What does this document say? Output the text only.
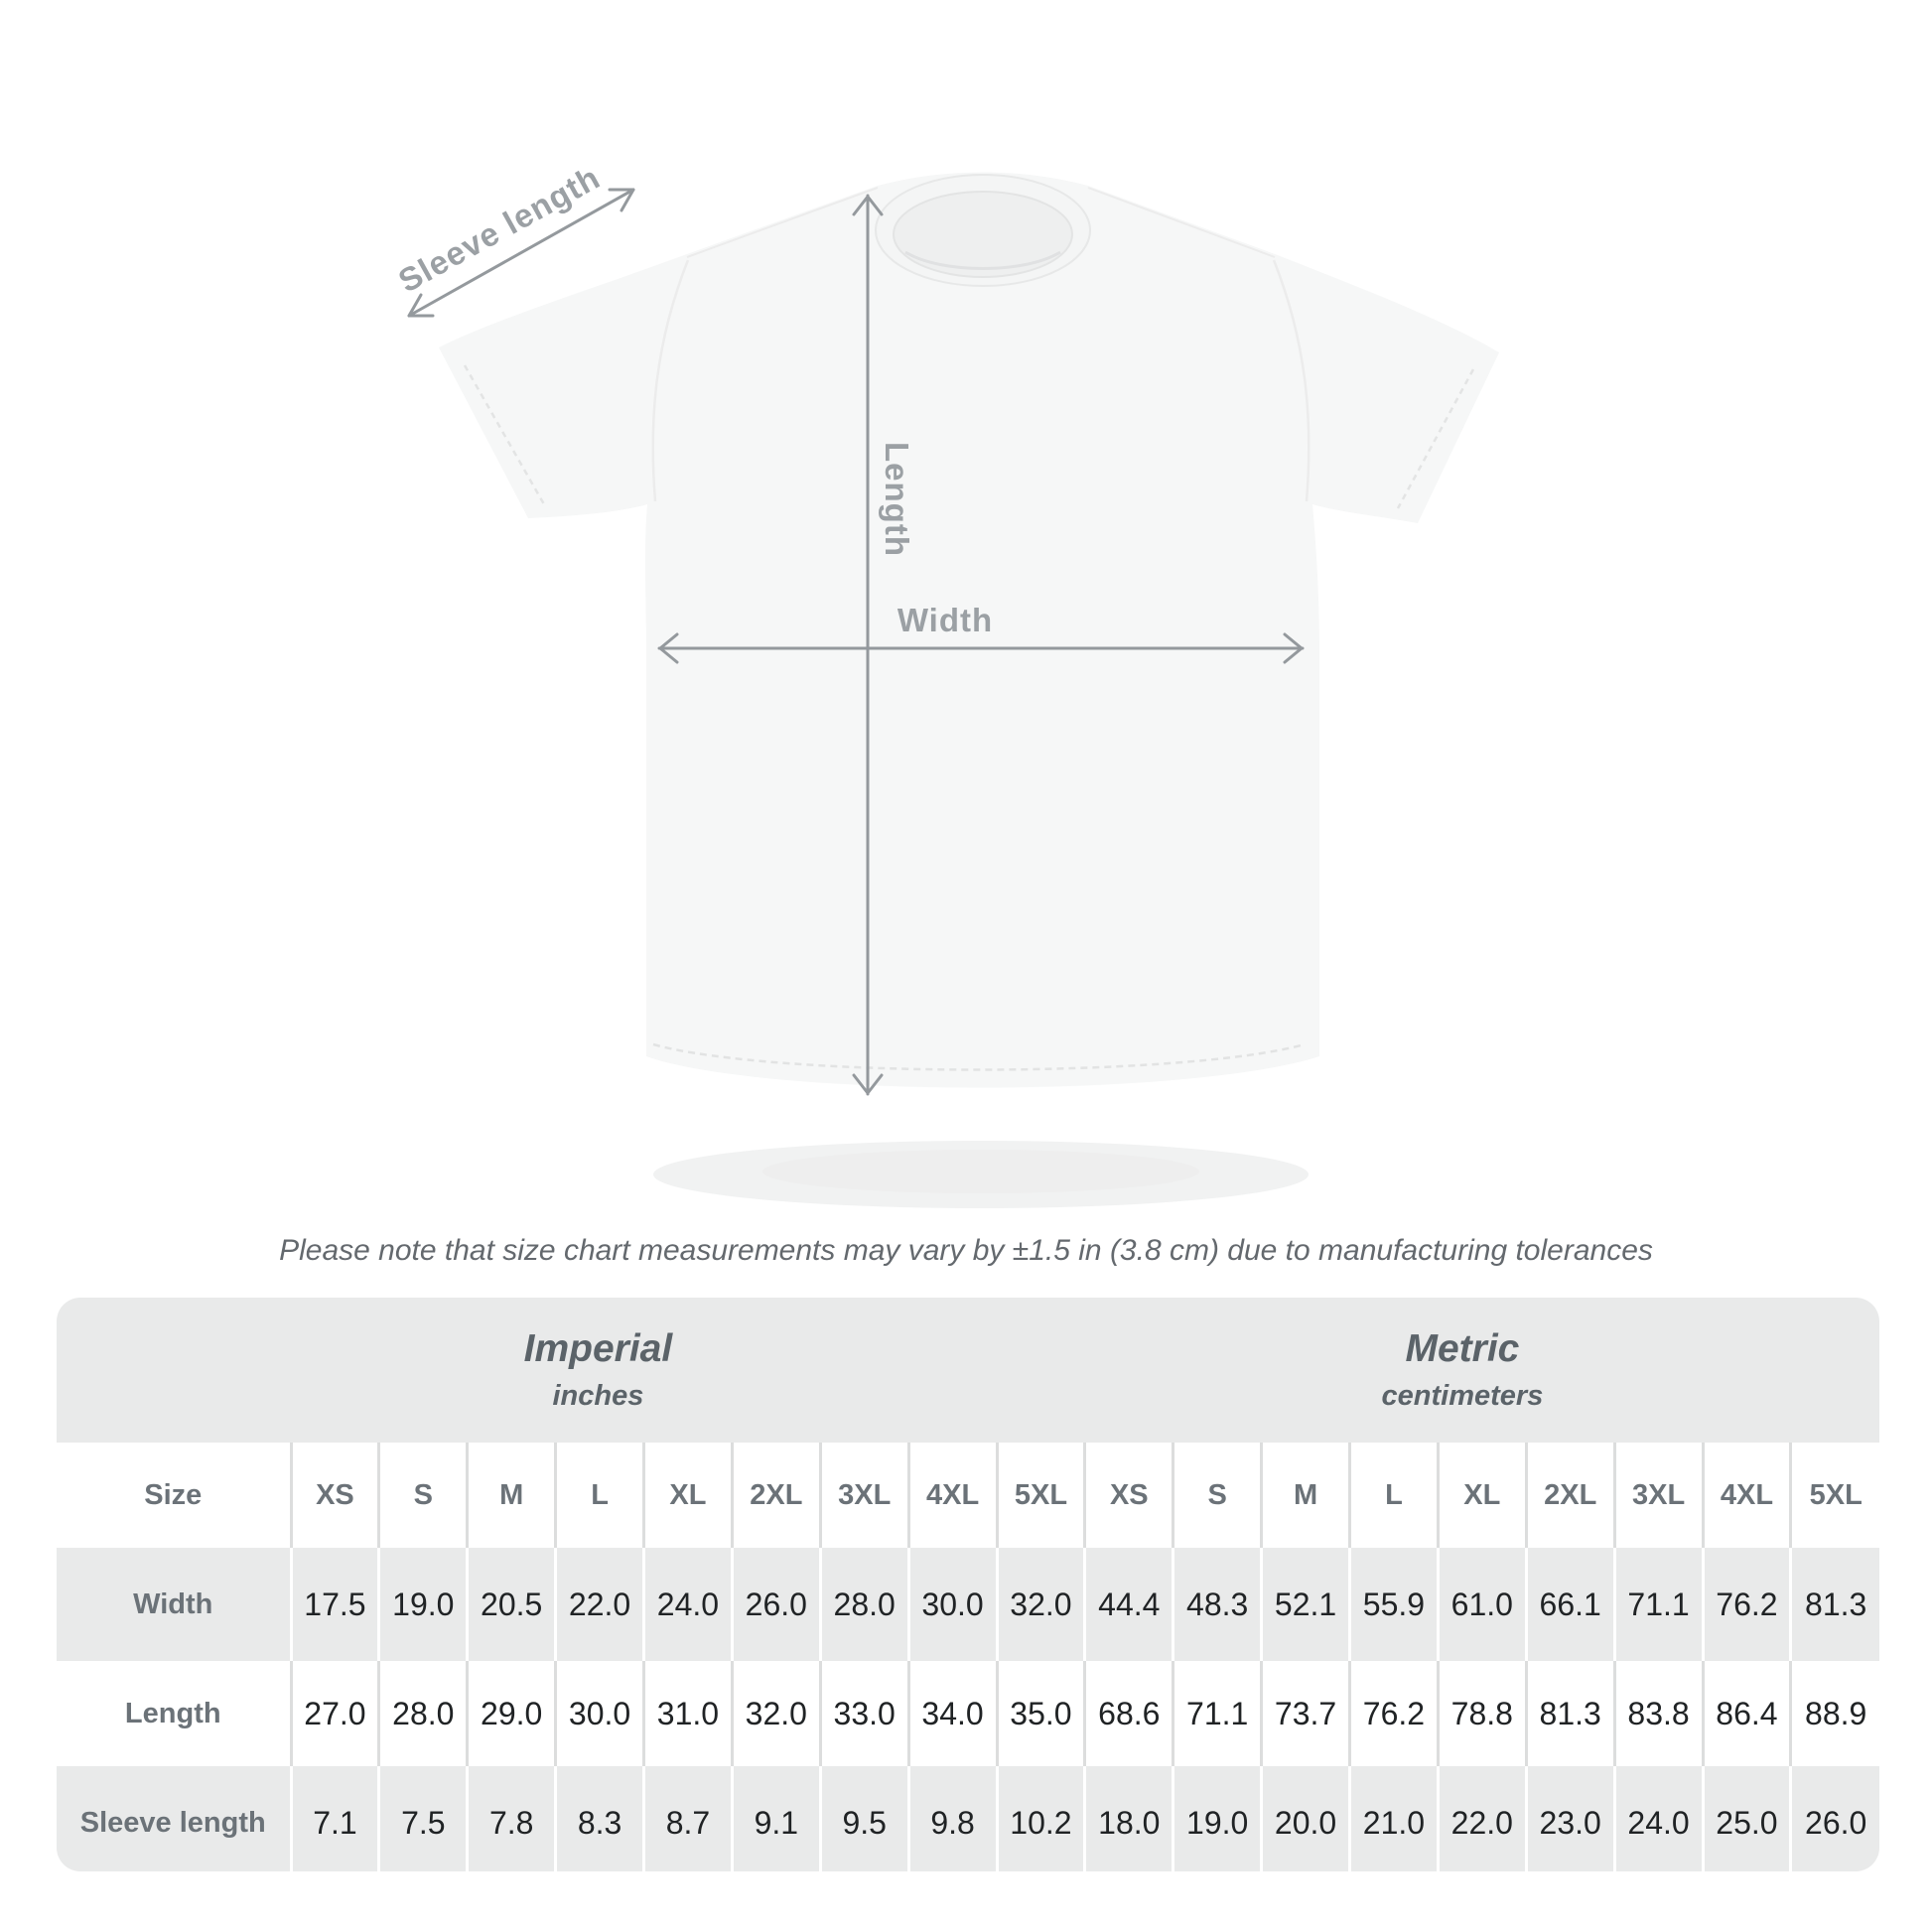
Sleeve length
Length
Width
Please note that size chart measurements may vary by ±1.5 in (3.8 cm) due to manufacturing tolerances
Imperial
inches

Metric
centimeters

Size	XS	S	M	L	XL	2XL	3XL	4XL	5XL	XS	S	M	L	XL	2XL	3XL	4XL	5XL
Width	17.5	19.0	20.5	22.0	24.0	26.0	28.0	30.0	32.0	44.4	48.3	52.1	55.9	61.0	66.1	71.1	76.2	81.3
Length	27.0	28.0	29.0	30.0	31.0	32.0	33.0	34.0	35.0	68.6	71.1	73.7	76.2	78.8	81.3	83.8	86.4	88.9
Sleeve length	7.1	7.5	7.8	8.3	8.7	9.1	9.5	9.8	10.2	18.0	19.0	20.0	21.0	22.0	23.0	24.0	25.0	26.0
